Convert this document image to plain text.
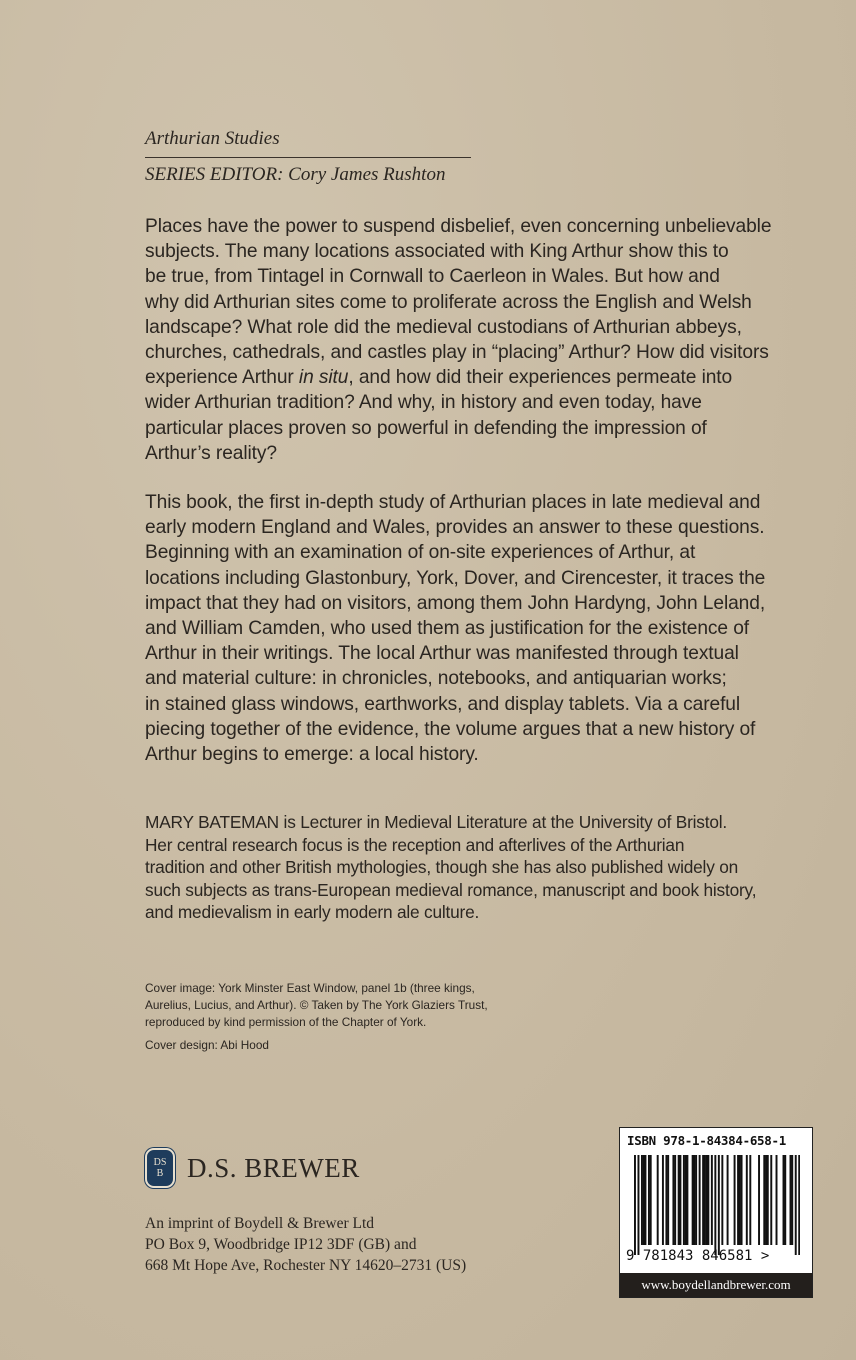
Arthurian Studies
SERIES EDITOR: Cory James Rushton
Places have the power to suspend disbelief, even concerning unbelievable
subjects. The many locations associated with King Arthur show this to
be true, from Tintagel in Cornwall to Caerleon in Wales. But how and
why did Arthurian sites come to proliferate across the English and Welsh
landscape? What role did the medieval custodians of Arthurian abbeys,
churches, cathedrals, and castles play in “placing” Arthur? How did visitors
experience Arthur in situ, and how did their experiences permeate into
wider Arthurian tradition? And why, in history and even today, have
particular places proven so powerful in defending the impression of
Arthur’s reality?
This book, the first in-depth study of Arthurian places in late medieval and
early modern England and Wales, provides an answer to these questions.
Beginning with an examination of on-site experiences of Arthur, at
locations including Glastonbury, York, Dover, and Cirencester, it traces the
impact that they had on visitors, among them John Hardyng, John Leland,
and William Camden, who used them as justification for the existence of
Arthur in their writings. The local Arthur was manifested through textual
and material culture: in chronicles, notebooks, and antiquarian works;
in stained glass windows, earthworks, and display tablets. Via a careful
piecing together of the evidence, the volume argues that a new history of
Arthur begins to emerge: a local history.
MARY BATEMAN is Lecturer in Medieval Literature at the University of Bristol.
Her central research focus is the reception and afterlives of the Arthurian
tradition and other British mythologies, though she has also published widely on
such subjects as trans-European medieval romance, manuscript and book history,
and medievalism in early modern ale culture.
Cover image: York Minster East Window, panel 1b (three kings,
Aurelius, Lucius, and Arthur). © Taken by The York Glaziers Trust,
reproduced by kind permission of the Chapter of York.
Cover design: Abi Hood
DS
B D.S. BREWER
An imprint of Boydell & Brewer Ltd
PO Box 9, Woodbridge IP12 3DF (GB) and
668 Mt Hope Ave, Rochester NY 14620–2731 (US)
ISBN 978-1-84384-658-1
9 781843 846581 >
www.boydellandbrewer.com
